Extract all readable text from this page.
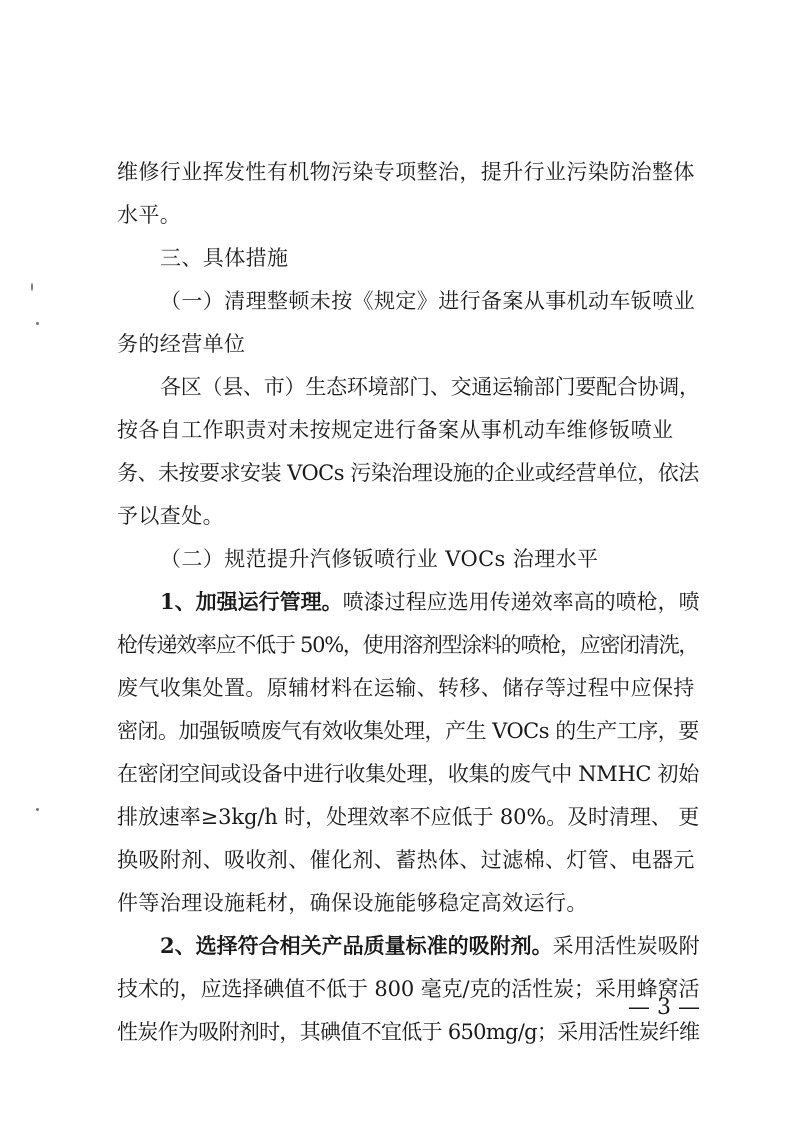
维修行业挥发性有机物污染专项整治，提升行业污染防治整体
水平。
三、具体措施
（一）清理整顿未按《规定》进行备案从事机动车钣喷业
务的经营单位
各区（县、市）生态环境部门、交通运输部门要配合协调，
按各自工作职责对未按规定进行备案从事机动车维修钣喷业
务、未按要求安装 VOCs 污染治理设施的企业或经营单位，依法
予以查处。
（二）规范提升汽修钣喷行业 VOCs 治理水平
1、加强运行管理。喷漆过程应选用传递效率高的喷枪，喷
枪传递效率应不低于 50%，使用溶剂型涂料的喷枪，应密闭清洗，
废气收集处置。原辅材料在运输、转移、储存等过程中应保持
密闭。加强钣喷废气有效收集处理，产生 VOCs 的生产工序，要
在密闭空间或设备中进行收集处理，收集的废气中 NMHC 初始
排放速率≥3kg/h 时，处理效率不应低于 80%。及时清理、 更
换吸附剂、吸收剂、催化剂、蓄热体、过滤棉、灯管、电器元
件等治理设施耗材，确保设施能够稳定高效运行。
2、选择符合相关产品质量标准的吸附剂。采用活性炭吸附
技术的，应选择碘值不低于 800 毫克/克的活性炭；采用蜂窝活
性炭作为吸附剂时，其碘值不宜低于 650mg/g；采用活性炭纤维
— 3 —
